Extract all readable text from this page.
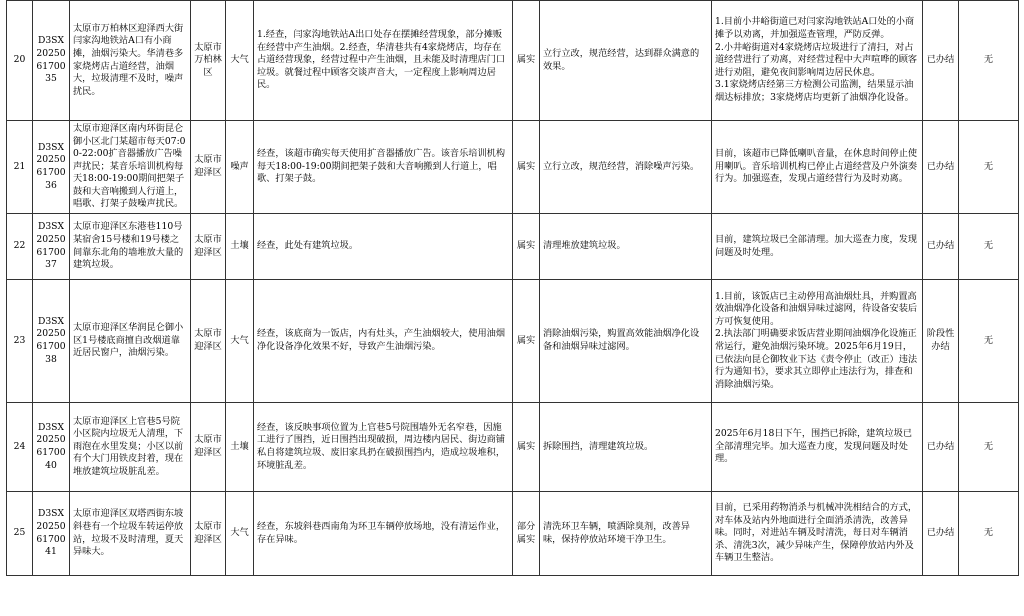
20	D3SX202506170035	太原市万柏林区迎泽西大街闫家沟地铁站A口有小商摊，油烟污染大。华清巷多家烧烤店占道经营，油烟大，垃圾清理不及时，噪声扰民。	太原市万柏林区	大气	1.经查，闫家沟地铁站A出口处存在摆摊经营现象，部分摊贩在经营中产生油烟。2.经查，华清巷共有4家烧烤店，均存在占道经营现象，经营过程中产生油烟，且未能及时清理店门口垃圾。就餐过程中顾客交谈声音大，一定程度上影响周边居民。	属实	立行立改，规范经营，达到群众满意的效果。	1.目前小井峪街道已对闫家沟地铁站A口处的小商摊予以劝离，并加强巡查管理，严防反弹。
2.小井峪街道对4家烧烤店垃圾进行了清扫，对占道经营进行了劝离，对经营过程中大声喧哗的顾客进行劝阻，避免夜间影响周边居民休息。
3.1家烧烤店经第三方检测公司监测，结果显示油烟达标排放；3家烧烤店均更新了油烟净化设备。	已办结	无
21	D3SX202506170036	太原市迎泽区南内环街昆仑御小区北门某超市每天07:00-22:00扩音器播放广告噪声扰民；某音乐培训机构每天18:00-19:00期间把架子鼓和大音响搬到人行道上，唱歌、打架子鼓噪声扰民。	太原市迎泽区	噪声	经查，该超市确实每天使用扩音器播放广告。该音乐培训机构每天18:00-19:00期间把架子鼓和大音响搬到人行道上，唱歌、打架子鼓。	属实	立行立改，规范经营，消除噪声污染。	目前，该超市已降低喇叭音量，在休息时间停止使用喇叭。音乐培训机构已停止占道经营及户外演奏行为。加强巡查，发现占道经营行为及时劝离。	已办结	无
22	D3SX202506170037	太原市迎泽区东港巷110号某宿舍15号楼和19号楼之间靠东北角的墙堆放大量的建筑垃圾。	太原市迎泽区	土壤	经查，此处有建筑垃圾。	属实	清理堆放建筑垃圾。	目前，建筑垃圾已全部清理。加大巡查力度，发现问题及时处理。	已办结	无
23	D3SX202506170038	太原市迎泽区华润昆仑御小区1号楼底商擅自改烟道靠近居民窗户，油烟污染。	太原市迎泽区	大气	经查，该底商为一饭店，内有灶头，产生油烟较大，使用油烟净化设备净化效果不好，导致产生油烟污染。	属实	消除油烟污染，购置高效能油烟净化设备和油烟异味过滤网。	1.目前，该饭店已主动停用高油烟灶具，并购置高效油烟净化设备和油烟异味过滤网，待设备安装后方可恢复使用。
2.执法部门明确要求饭店营业期间油烟净化设施正常运行，避免油烟污染环境。2025年6月19日，已依法向昆仑御牧业下达《责令停止（改正）违法行为通知书》，要求其立即停止违法行为，排查和消除油烟污染。	阶段性办结	无
24	D3SX202506170040	太原市迎泽区上官巷5号院小区院内垃圾无人清理，下雨泡在水里发臭；小区以前有个大门用铁皮封着，现在堆放建筑垃圾脏乱差。	太原市迎泽区	土壤	经查，该反映事项位置为上官巷5号院围墙外无名窄巷，因施工进行了围挡，近日围挡出现破损，周边楼内居民、街边商铺私自将建筑垃圾、废旧家具扔在破损围挡内，造成垃圾堆积，环境脏乱差。	属实	拆除围挡，清理建筑垃圾。	2025年6月18日下午，围挡已拆除，建筑垃圾已全部清理完毕。加大巡查力度，发现问题及时处理。	已办结	无
25	D3SX202506170041	太原市迎泽区双塔西街东坡斜巷有一个垃圾车转运停放站，垃圾不及时清理，夏天异味大。	太原市迎泽区	大气	经查，东坡斜巷西南角为环卫车辆停放场地，没有清运作业，存在异味。	部分属实	清洗环卫车辆，喷洒除臭剂，改善异味，保持停放站环境干净卫生。	目前，已采用药物消杀与机械冲洗相结合的方式，对车体及站内外地面进行全面消杀清洗，改善异味。同时，对进站车辆及时清洗，每日对车辆消杀、清洗3次，减少异味产生，保障停放站内外及车辆卫生整洁。	已办结	无
